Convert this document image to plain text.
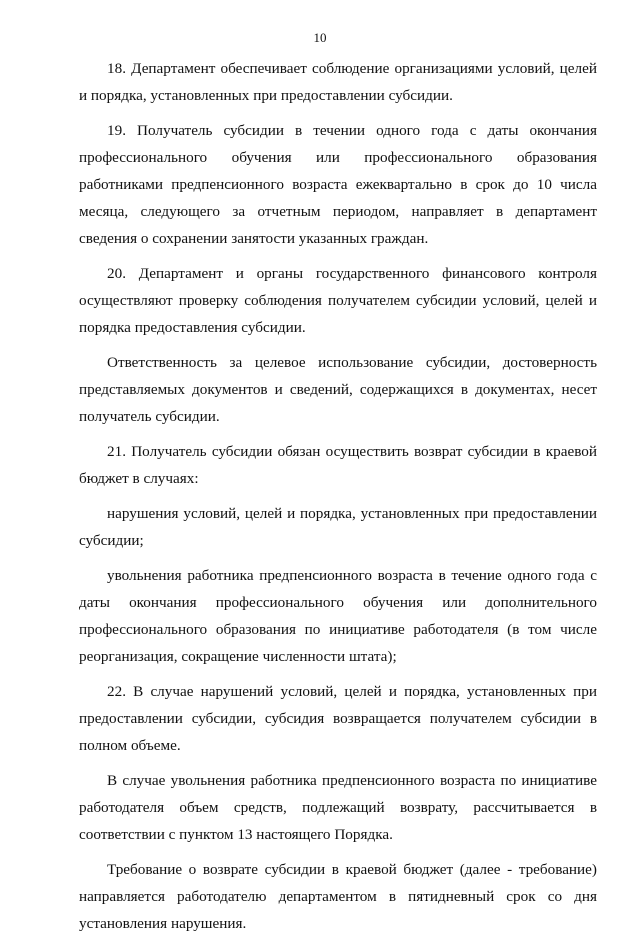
10

18. Департамент обеспечивает соблюдение организациями условий, целей и порядка, установленных при предоставлении субсидии.

19. Получатель субсидии в течении одного года с даты окончания профессионального обучения или профессионального образования работниками предпенсионного возраста ежеквартально в срок до 10 числа месяца, следующего за отчетным периодом, направляет в департамент сведения о сохранении занятости указанных граждан.

20. Департамент и органы государственного финансового контроля осуществляют проверку соблюдения получателем субсидии условий, целей и порядка предоставления субсидии.

Ответственность за целевое использование субсидии, достоверность представляемых документов и сведений, содержащихся в документах, несет получатель субсидии.

21. Получатель субсидии обязан осуществить возврат субсидии в краевой бюджет в случаях:

нарушения условий, целей и порядка, установленных при предоставлении субсидии;

увольнения работника предпенсионного возраста в течение одного года с даты окончания профессионального обучения или дополнительного профессионального образования по инициативе работодателя (в том числе реорганизация, сокращение численности штата);

22. В случае нарушений условий, целей и порядка, установленных при предоставлении субсидии, субсидия возвращается получателем субсидии в полном объеме.

В случае увольнения работника предпенсионного возраста по инициативе работодателя объем средств, подлежащий возврату, рассчитывается в соответствии с пунктом 13 настоящего Порядка.

Требование о возврате субсидии в краевой бюджет (далее - требование) направляется работодателю департаментом в пятидневный срок со дня установления нарушения.
